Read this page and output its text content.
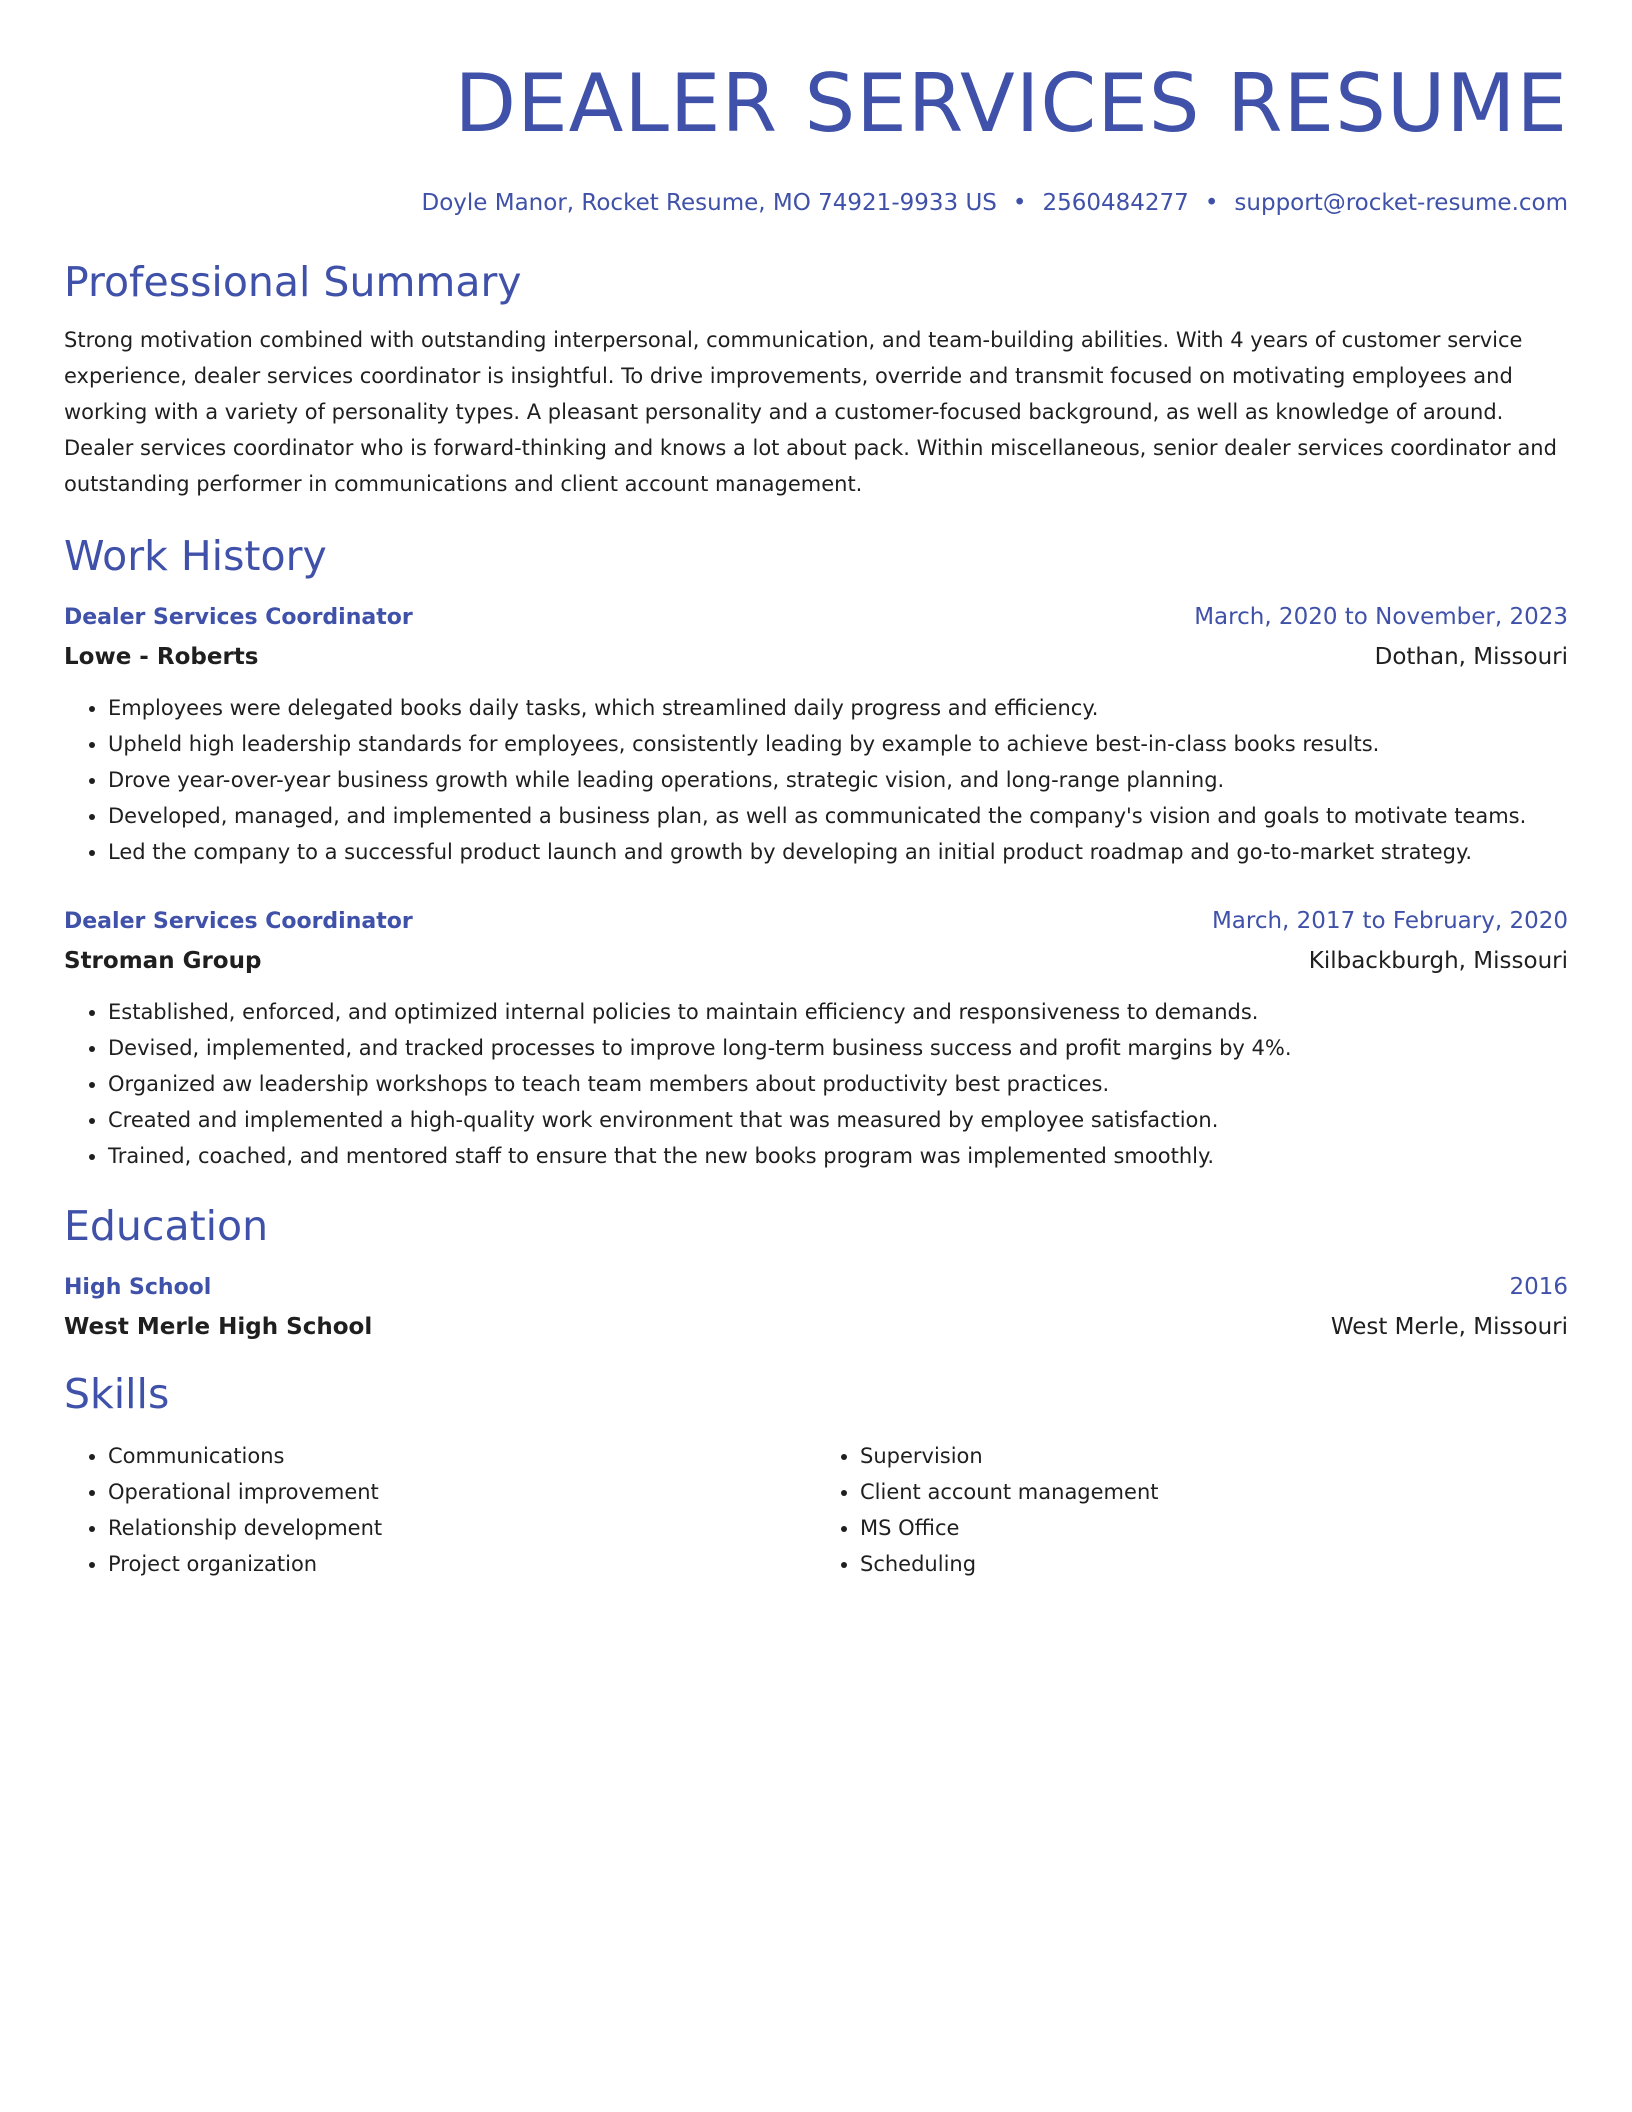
DEALER SERVICES RESUME
Doyle Manor, Rocket Resume, MO 74921-9933 US • 2560484277 • support@rocket-resume.com
Professional Summary

Strong motivation combined with outstanding interpersonal, communication, and team-building abilities. With 4 years of customer service experience, dealer services coordinator is insightful. To drive improvements, override and transmit focused on motivating employees and working with a variety of personality types. A pleasant personality and a customer-focused background, as well as knowledge of around. Dealer services coordinator who is forward-thinking and knows a lot about pack. Within miscellaneous, senior dealer services coordinator and outstanding performer in communications and client account management.

Work History
Dealer Services Coordinator	March, 2020 to November, 2023
Lowe - Roberts	Dothan, Missouri
• Employees were delegated books daily tasks, which streamlined daily progress and efficiency.
• Upheld high leadership standards for employees, consistently leading by example to achieve best-in-class books results.
• Drove year-over-year business growth while leading operations, strategic vision, and long-range planning.
• Developed, managed, and implemented a business plan, as well as communicated the company's vision and goals to motivate teams.
• Led the company to a successful product launch and growth by developing an initial product roadmap and go-to-market strategy.
Dealer Services Coordinator	March, 2017 to February, 2020
Stroman Group	Kilbackburgh, Missouri
• Established, enforced, and optimized internal policies to maintain efficiency and responsiveness to demands.
• Devised, implemented, and tracked processes to improve long-term business success and profit margins by 4%.
• Organized aw leadership workshops to teach team members about productivity best practices.
• Created and implemented a high-quality work environment that was measured by employee satisfaction.
• Trained, coached, and mentored staff to ensure that the new books program was implemented smoothly.
Education
High School	2016
West Merle High School	West Merle, Missouri
Skills
• Communications
• Operational improvement
• Relationship development
• Project organization
• Supervision
• Client account management
• MS Office
• Scheduling
